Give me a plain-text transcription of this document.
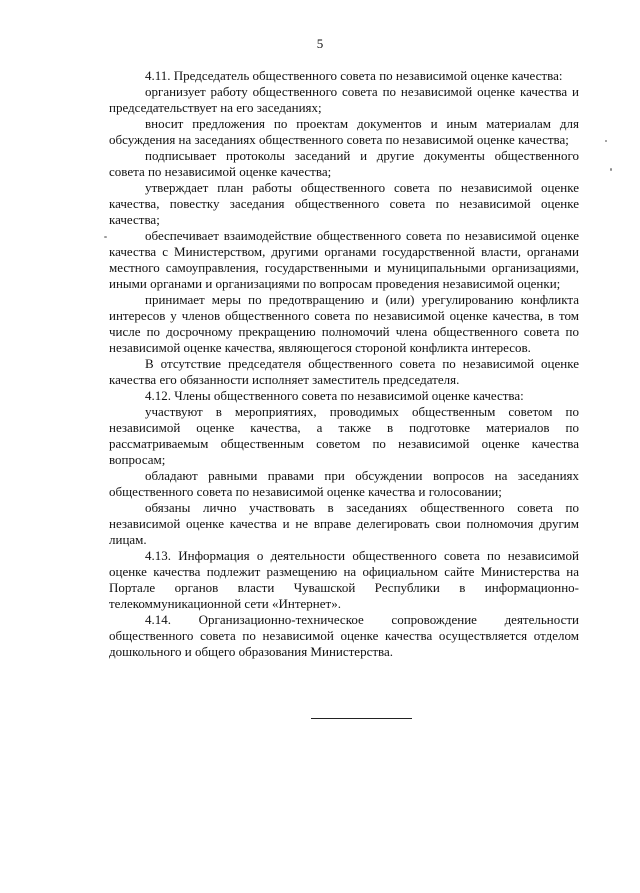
5

4.11. Председатель общественного совета по независимой оценке качества:

организует работу общественного совета по независимой оценке качества и председательствует на его заседаниях;

вносит предложения по проектам документов и иным материалам для обсуждения на заседаниях общественного совета по независимой оценке качества;

подписывает протоколы заседаний и другие документы общественного совета по независимой оценке качества;

утверждает план работы общественного совета по независимой оценке качества, повестку заседания общественного совета по независимой оценке качества;

обеспечивает взаимодействие общественного совета по независимой оценке качества с Министерством, другими органами государственной власти, органами местного самоуправления, государственными и муниципальными организациями, иными органами и организациями по вопросам проведения независимой оценки;

принимает меры по предотвращению и (или) урегулированию конфликта интересов у членов общественного совета по независимой оценке качества, в том числе по досрочному прекращению полномочий члена общественного совета по независимой оценке качества, являющегося стороной конфликта интересов.

В отсутствие председателя общественного совета по независимой оценке качества его обязанности исполняет заместитель председателя.

4.12. Члены общественного совета по независимой оценке качества:

участвуют в мероприятиях, проводимых общественным советом по независимой оценке качества, а также в подготовке материалов по рассматриваемым общественным советом по независимой оценке качества вопросам;

обладают равными правами при обсуждении вопросов на заседаниях общественного совета по независимой оценке качества и голосовании;

обязаны лично участвовать в заседаниях общественного совета по независимой оценке качества и не вправе делегировать свои полномочия другим лицам.

4.13. Информация о деятельности общественного совета по независимой оценке качества подлежит размещению на официальном сайте Министерства на Портале органов власти Чувашской Республики в информационно-телекоммуникационной сети «Интернет».

4.14. Организационно-техническое сопровождение деятельности общественного совета по независимой оценке качества осуществляется отделом дошкольного и общего образования Министерства.
